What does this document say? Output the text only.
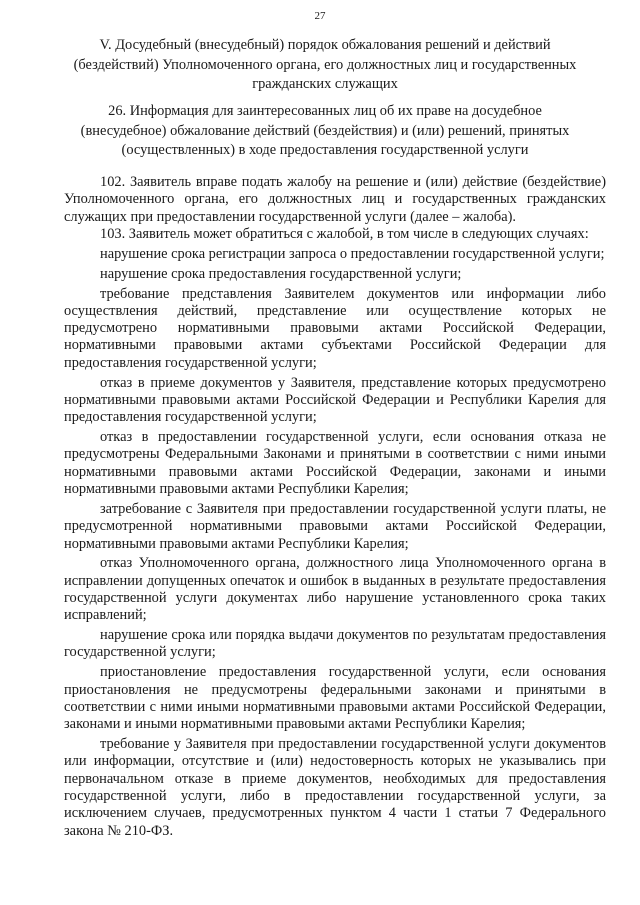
27
V. Досудебный (внесудебный) порядок обжалования решений и действий (бездействий) Уполномоченного органа, его должностных лиц и государственных гражданских служащих
26. Информация для заинтересованных лиц об их праве на досудебное (внесудебное) обжалование действий (бездействия) и (или) решений, принятых (осуществленных) в ходе предоставления государственной услуги

102. Заявитель вправе подать жалобу на решение и (или) действие (бездействие) Уполномоченного органа, его должностных лиц и государственных гражданских служащих при предоставлении государственной услуги (далее – жалоба).

103. Заявитель может обратиться с жалобой, в том числе в следующих случаях:

нарушение срока регистрации запроса о предоставлении государственной услуги;

нарушение срока предоставления государственной услуги;

требование представления Заявителем документов или информации либо осуществления действий, представление или осуществление которых не предусмотрено нормативными правовыми актами Российской Федерации, нормативными правовыми актами субъектами Российской Федерации для предоставления государственной услуги;

отказ в приеме документов у Заявителя, представление которых предусмотрено нормативными правовыми актами Российской Федерации и Республики Карелия для предоставления государственной услуги;

отказ в предоставлении государственной услуги, если основания отказа не предусмотрены Федеральными Законами и принятыми в соответствии с ними иными нормативными правовыми актами Российской Федерации, законами и иными нормативными правовыми актами Республики Карелия;

затребование с Заявителя при предоставлении государственной услуги платы, не предусмотренной нормативными правовыми актами Российской Федерации, нормативными правовыми актами Республики Карелия;

отказ Уполномоченного органа, должностного лица Уполномоченного органа в исправлении допущенных опечаток и ошибок в выданных в результате предоставления государственной услуги документах либо нарушение установленного срока таких исправлений;

нарушение срока или порядка выдачи документов по результатам предоставления государственной услуги;

приостановление предоставления государственной услуги, если основания приостановления не предусмотрены федеральными законами и принятыми в соответствии с ними иными нормативными правовыми актами Российской Федерации, законами и иными нормативными правовыми актами Республики Карелия;

требование у Заявителя при предоставлении государственной услуги документов или информации, отсутствие и (или) недостоверность которых не указывались при первоначальном отказе в приеме документов, необходимых для предоставления государственной услуги, либо в предоставлении государственной услуги, за исключением случаев, предусмотренных пунктом 4 части 1 статьи 7 Федерального закона № 210-ФЗ.
